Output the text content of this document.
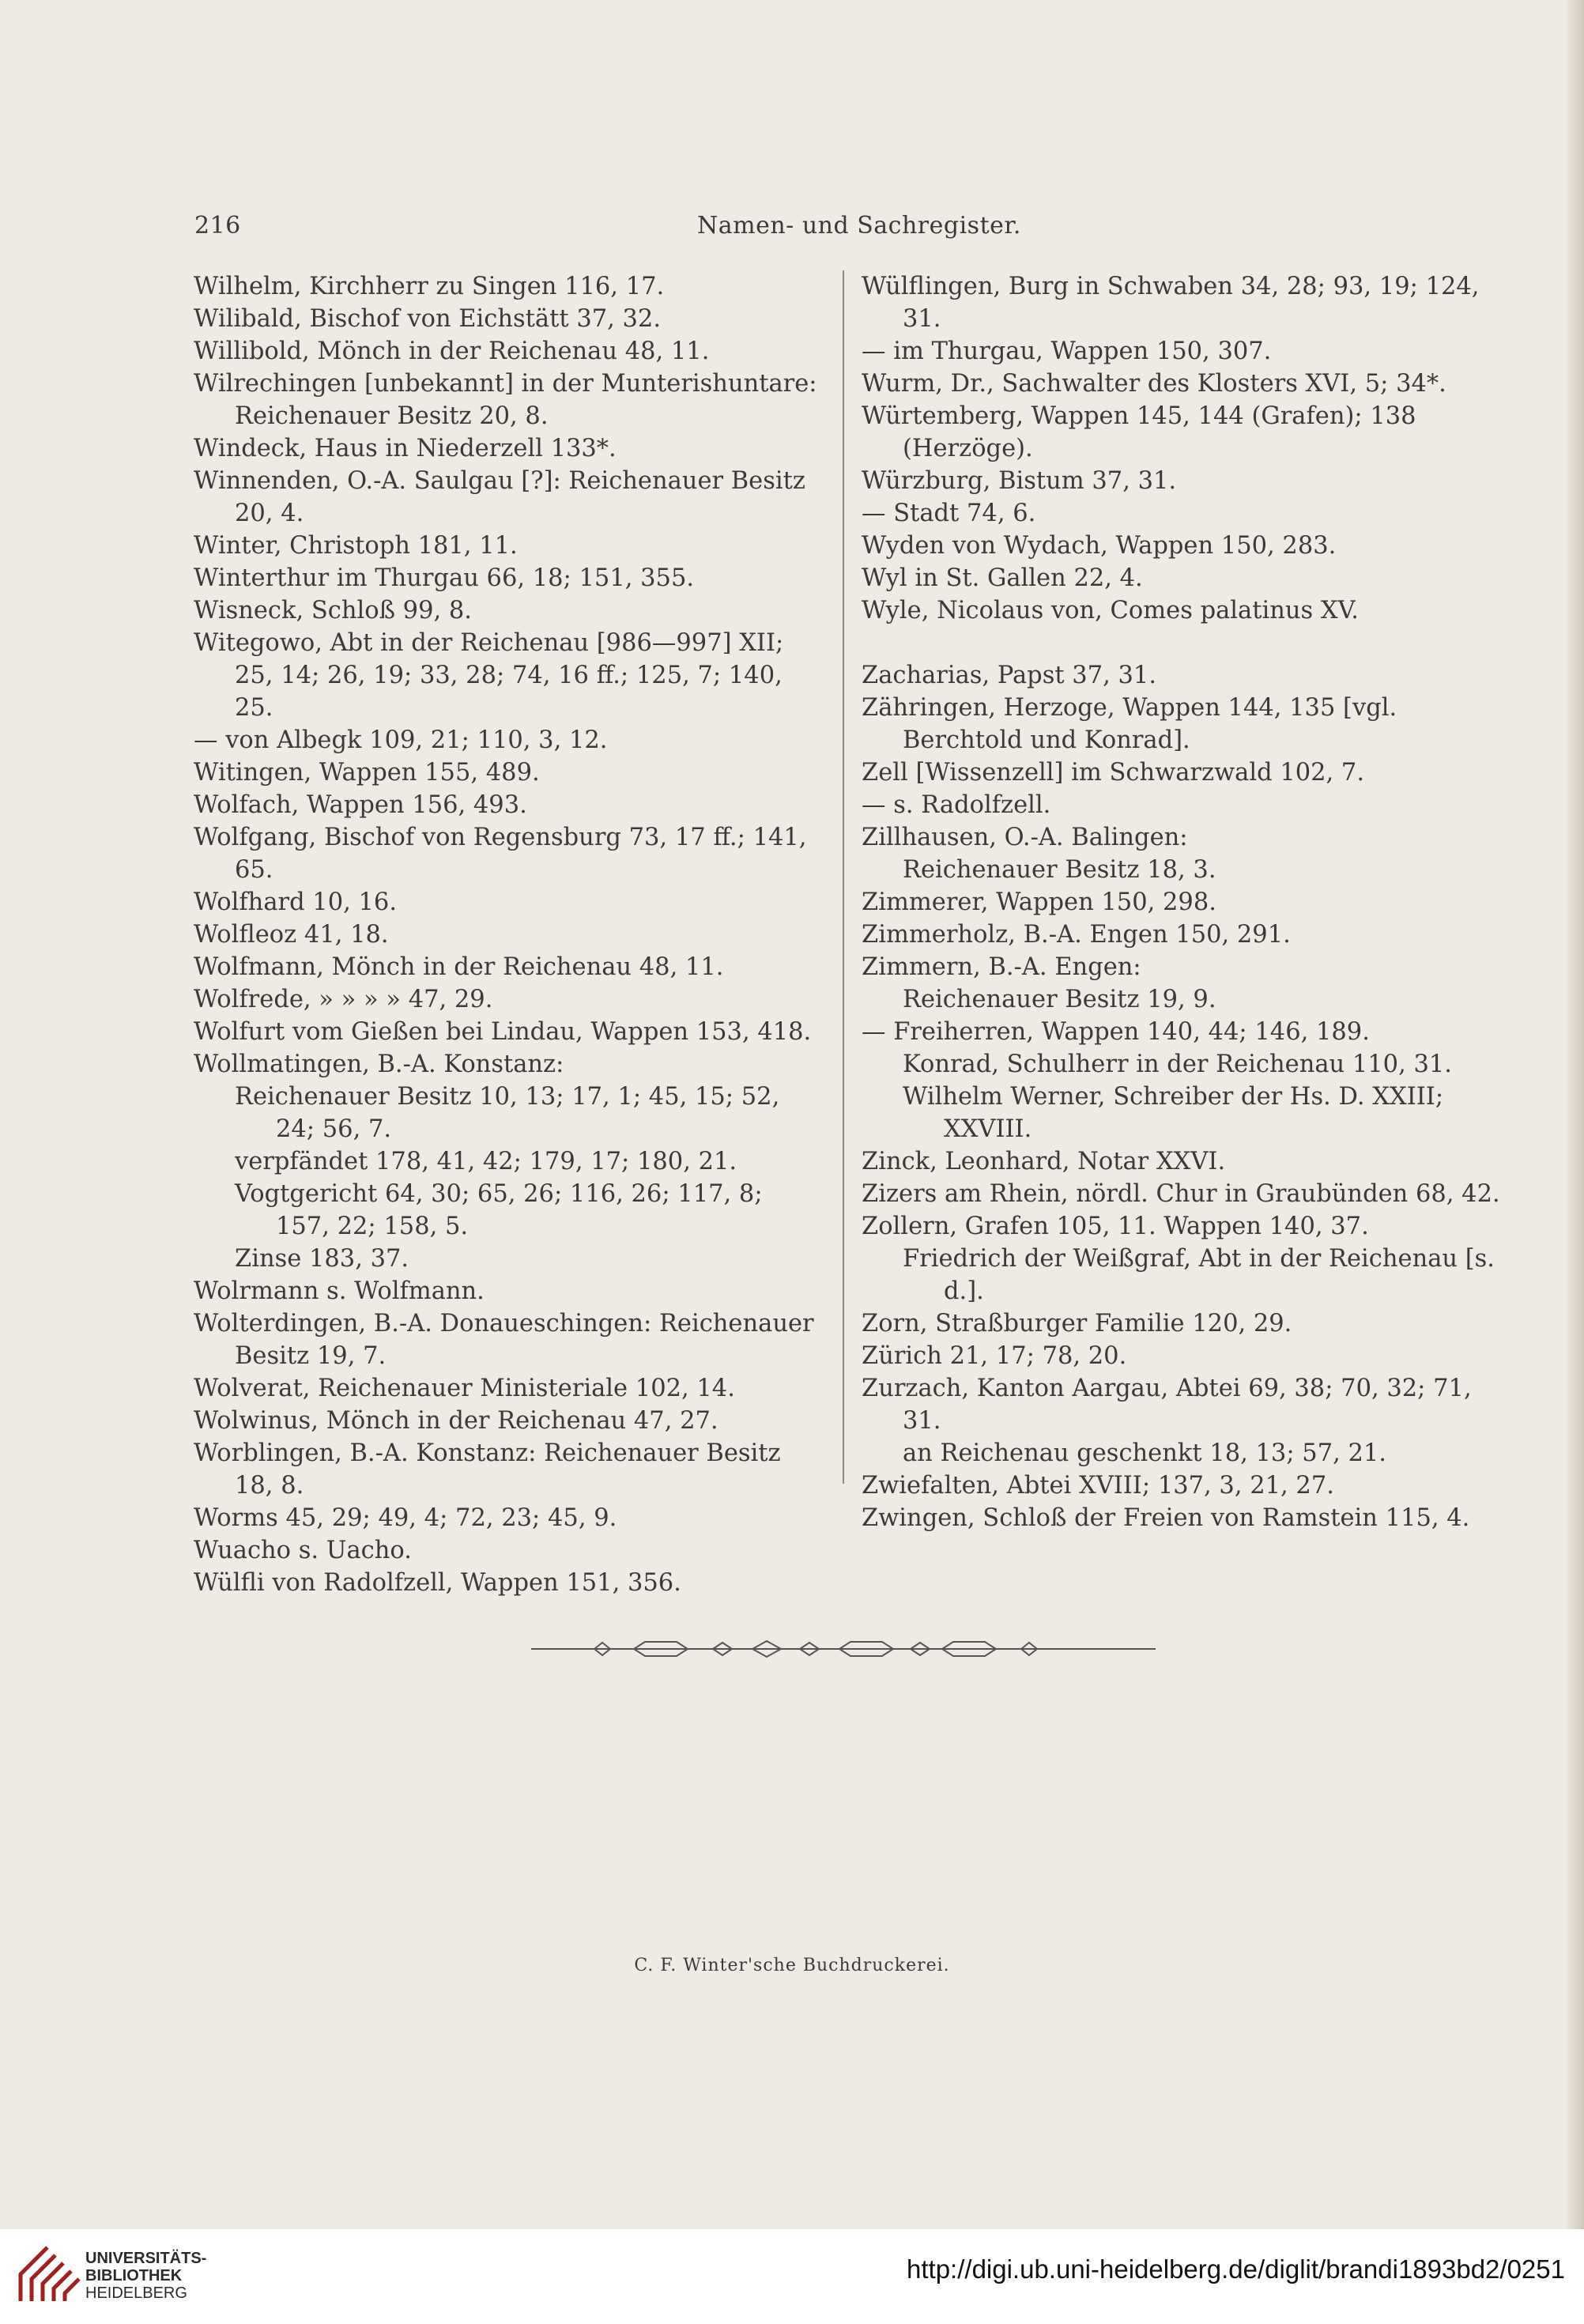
216	Namen- und Sachregister.

Wilhelm, Kirchherr zu Singen 116, 17.

Wilibald, Bischof von Eichstätt 37, 32.

Willibold, Mönch in der Reichenau 48, 11.

Wilrechingen [unbekannt] in der Munterishuntare: Reichenauer Besitz 20, 8.

Windeck, Haus in Niederzell 133*.

Winnenden, O.-A. Saulgau [?]: Reichenauer Besitz 20, 4.

Winter, Christoph 181, 11.

Winterthur im Thurgau 66, 18; 151, 355.

Wisneck, Schloß 99, 8.

Witegowo, Abt in der Reichenau [986—997] XII; 25, 14; 26, 19; 33, 28; 74, 16 ff.; 125, 7; 140, 25.

— von Albegk 109, 21; 110, 3, 12.

Witingen, Wappen 155, 489.

Wolfach, Wappen 156, 493.

Wolfgang, Bischof von Regensburg 73, 17 ff.; 141, 65.

Wolfhard 10, 16.

Wolfleoz 41, 18.

Wolfmann, Mönch in der Reichenau 48, 11.

Wolfrede, » » » » 47, 29.

Wolfurt vom Gießen bei Lindau, Wappen 153, 418.

Wollmatingen, B.-A. Konstanz:

Reichenauer Besitz 10, 13; 17, 1; 45, 15; 52, 24; 56, 7.

verpfändet 178, 41, 42; 179, 17; 180, 21.

Vogtgericht 64, 30; 65, 26; 116, 26; 117, 8; 157, 22; 158, 5.

Zinse 183, 37.

Wolrmann s. Wolfmann.

Wolterdingen, B.-A. Donaueschingen: Reichenauer Besitz 19, 7.

Wolverat, Reichenauer Ministeriale 102, 14.

Wolwinus, Mönch in der Reichenau 47, 27.

Worblingen, B.-A. Konstanz: Reichenauer Besitz 18, 8.

Worms 45, 29; 49, 4; 72, 23; 45, 9.

Wuacho s. Uacho.

Wülfli von Radolfzell, Wappen 151, 356.

Wülflingen, Burg in Schwaben 34, 28; 93, 19; 124, 31.

— im Thurgau, Wappen 150, 307.

Wurm, Dr., Sachwalter des Klosters XVI, 5; 34*.

Würtemberg, Wappen 145, 144 (Grafen); 138 (Herzöge).

Würzburg, Bistum 37, 31.

— Stadt 74, 6.

Wyden von Wydach, Wappen 150, 283.

Wyl in St. Gallen 22, 4.

Wyle, Nicolaus von, Comes palatinus XV.

Zacharias, Papst 37, 31.

Zähringen, Herzoge, Wappen 144, 135 [vgl. Berchtold und Konrad].

Zell [Wissenzell] im Schwarzwald 102, 7.

— s. Radolfzell.

Zillhausen, O.-A. Balingen:

Reichenauer Besitz 18, 3.

Zimmerer, Wappen 150, 298.

Zimmerholz, B.-A. Engen 150, 291.

Zimmern, B.-A. Engen:

Reichenauer Besitz 19, 9.

— Freiherren, Wappen 140, 44; 146, 189.

Konrad, Schulherr in der Reichenau 110, 31.

Wilhelm Werner, Schreiber der Hs. D. XXIII; XXVIII.

Zinck, Leonhard, Notar XXVI.

Zizers am Rhein, nördl. Chur in Graubünden 68, 42.

Zollern, Grafen 105, 11. Wappen 140, 37.

Friedrich der Weißgraf, Abt in der Reichenau [s. d.].

Zorn, Straßburger Familie 120, 29.

Zürich 21, 17; 78, 20.

Zurzach, Kanton Aargau, Abtei 69, 38; 70, 32; 71, 31.

an Reichenau geschenkt 18, 13; 57, 21.

Zwiefalten, Abtei XVIII; 137, 3, 21, 27.

Zwingen, Schloß der Freien von Ramstein 115, 4.

C. F. Winter'sche Buchdruckerei.
UNIVERSITÄTS-
BIBLIOTHEK
HEIDELBERG
http://digi.ub.uni-heidelberg.de/diglit/brandi1893bd2/0251
